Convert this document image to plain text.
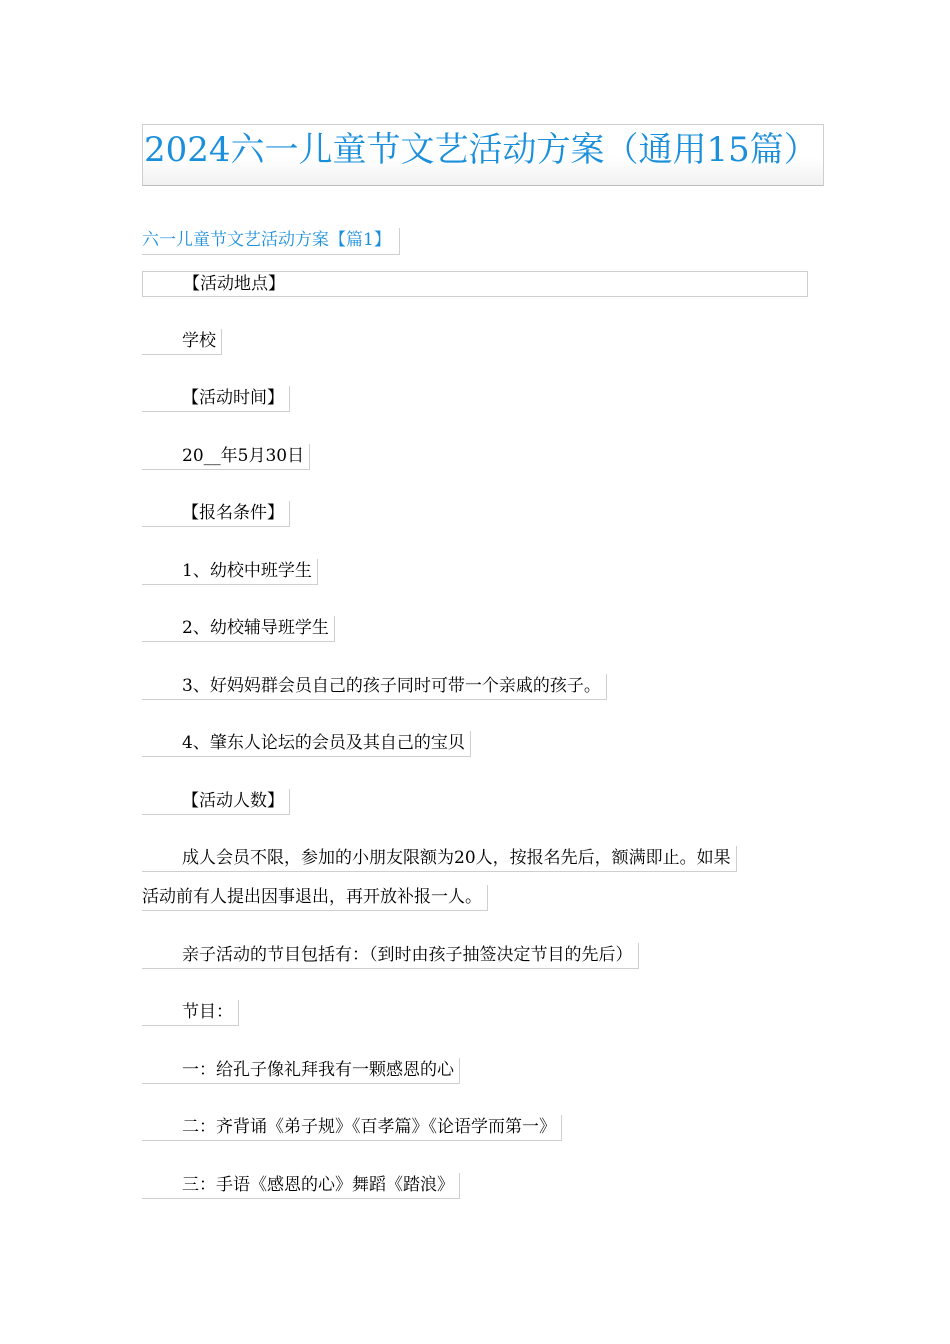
2024六一儿童节文艺活动方案（通用15篇）
六一儿童节文艺活动方案【篇1】
【活动地点】
学校
【活动时间】
20__年5月30日
【报名条件】
1、幼校中班学生
2、幼校辅导班学生
3、好妈妈群会员自己的孩子同时可带一个亲戚的孩子。
4、肇东人论坛的会员及其自己的宝贝
【活动人数】
成人会员不限，参加的小朋友限额为20人，按报名先后，额满即止。如果
活动前有人提出因事退出，再开放补报一人。
亲子活动的节目包括有：（到时由孩子抽签决定节目的先后）
节目：
一：给孔子像礼拜我有一颗感恩的心
二：齐背诵《弟子规》《百孝篇》《论语学而第一》
三：手语《感恩的心》舞蹈《踏浪》
